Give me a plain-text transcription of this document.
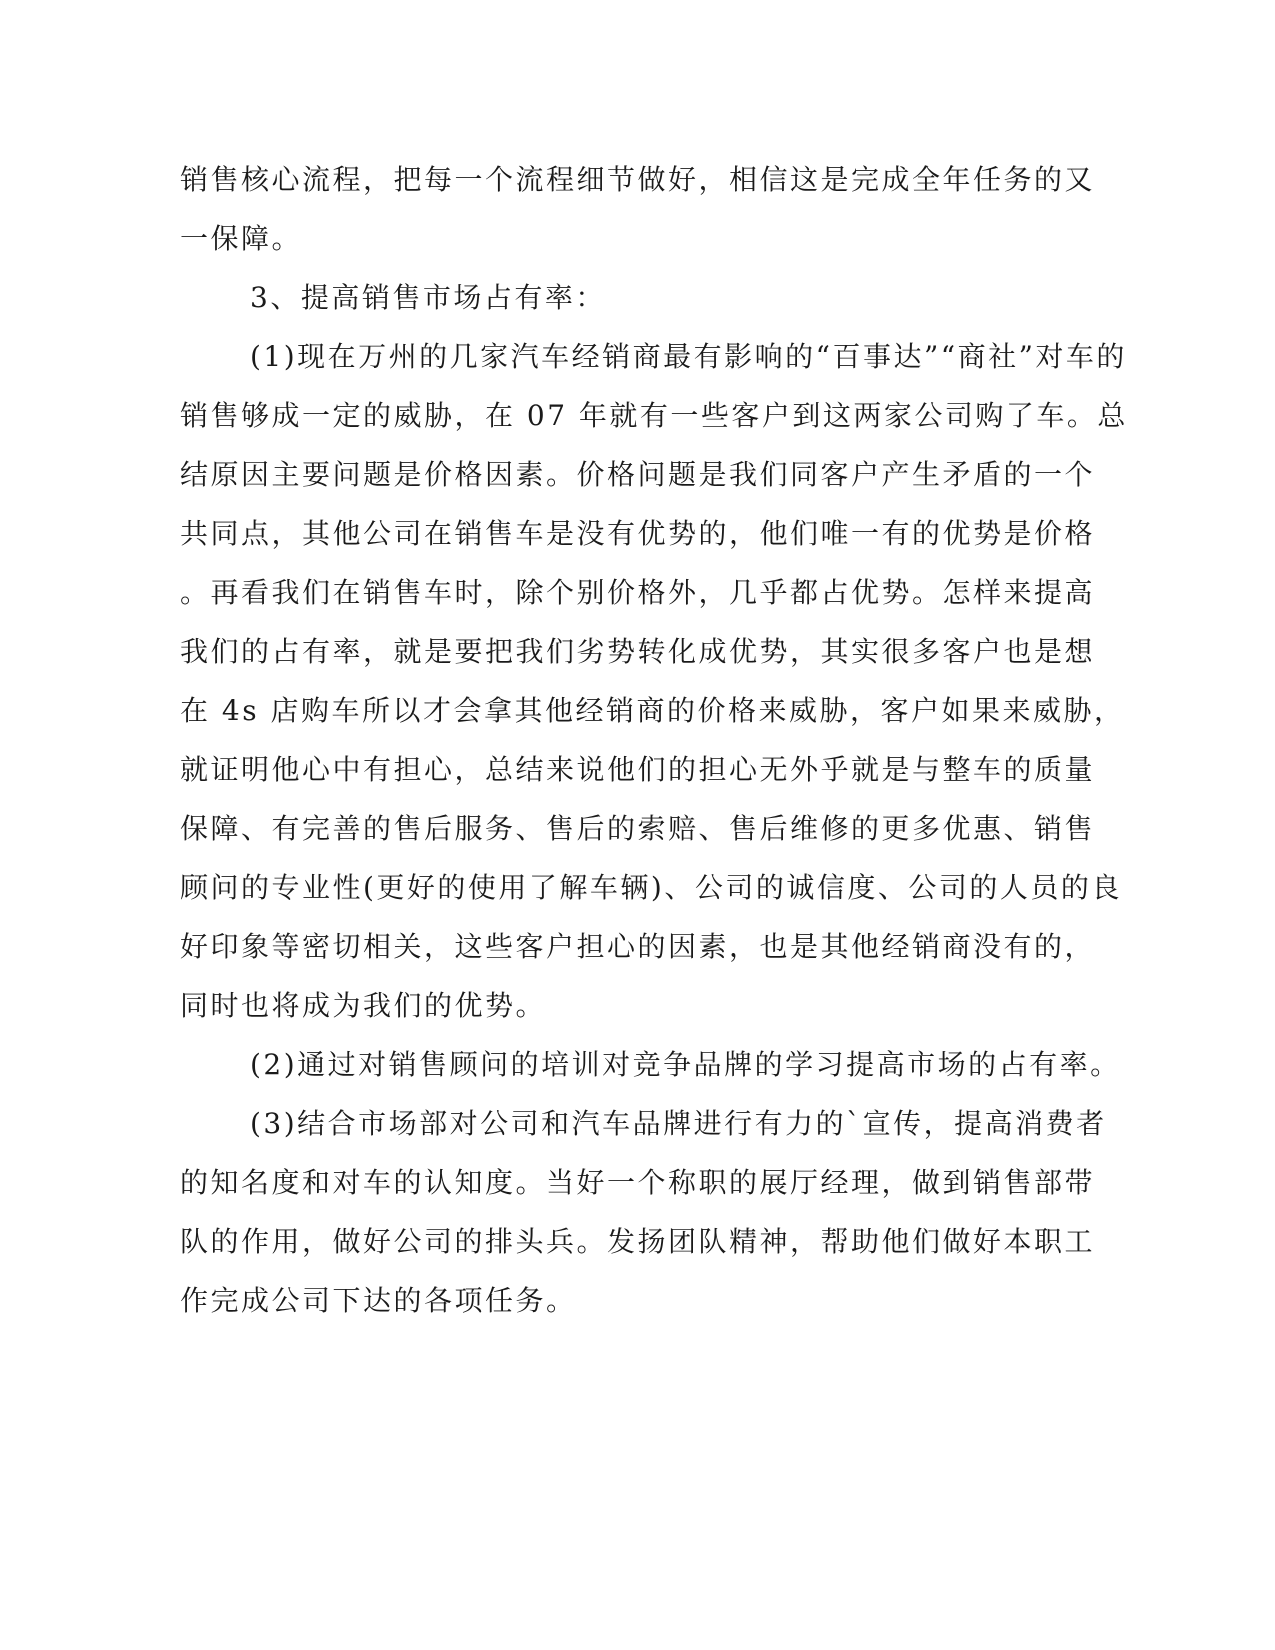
销售核心流程，把每一个流程细节做好，相信这是完成全年任务的又

一保障。

3、提高销售市场占有率：

(1)现在万州的几家汽车经销商最有影响的“百事达”“商社”对车的

销售够成一定的威胁，在 07 年就有一些客户到这两家公司购了车。总

结原因主要问题是价格因素。价格问题是我们同客户产生矛盾的一个

共同点，其他公司在销售车是没有优势的，他们唯一有的优势是价格

。再看我们在销售车时，除个别价格外，几乎都占优势。怎样来提高

我们的占有率，就是要把我们劣势转化成优势，其实很多客户也是想

在 4s 店购车所以才会拿其他经销商的价格来威胁，客户如果来威胁，

就证明他心中有担心，总结来说他们的担心无外乎就是与整车的质量

保障、有完善的售后服务、售后的索赔、售后维修的更多优惠、销售

顾问的专业性(更好的使用了解车辆)、公司的诚信度、公司的人员的良

好印象等密切相关，这些客户担心的因素，也是其他经销商没有的，

同时也将成为我们的优势。

(2)通过对销售顾问的培训对竞争品牌的学习提高市场的占有率。

(3)结合市场部对公司和汽车品牌进行有力的`宣传，提高消费者

的知名度和对车的认知度。当好一个称职的展厅经理，做到销售部带

队的作用，做好公司的排头兵。发扬团队精神，帮助他们做好本职工

作完成公司下达的各项任务。
